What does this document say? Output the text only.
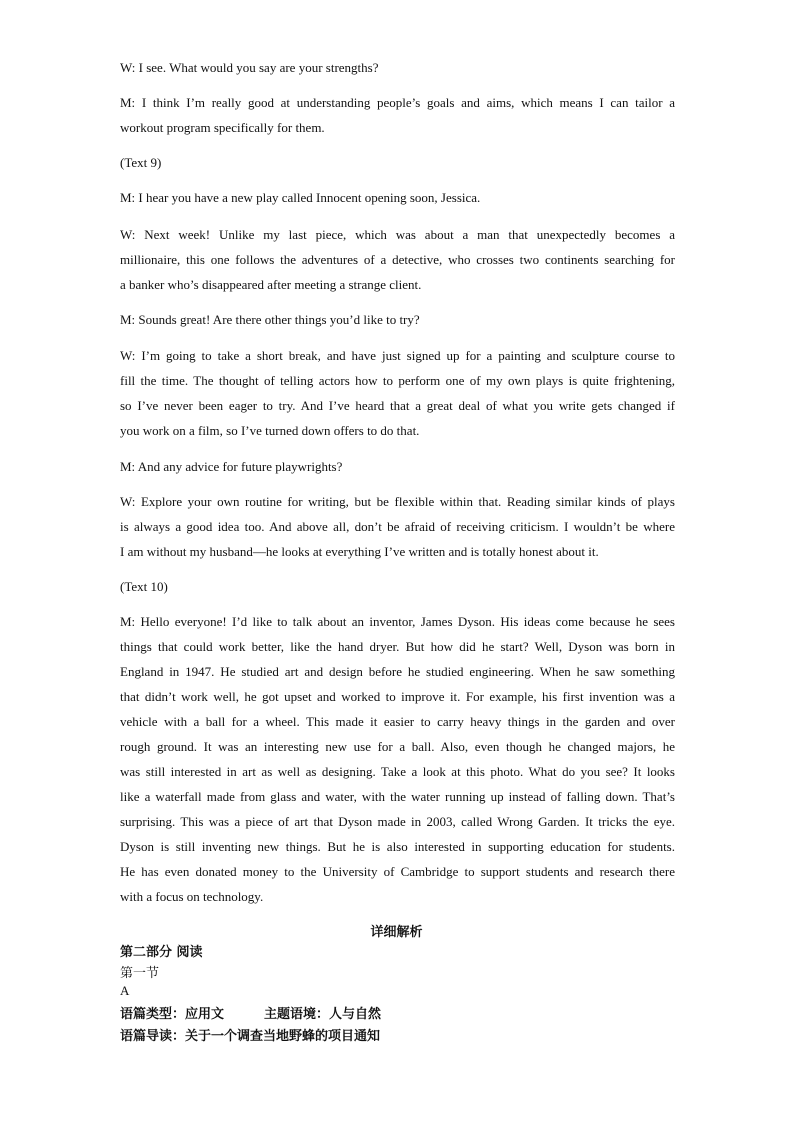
W: I see. What would you say are your strengths?
M: I think I’m really good at understanding people’s goals and aims, which means I can tailor a
workout program specifically for them.
(Text 9)
M: I hear you have a new play called Innocent opening soon, Jessica.
W: Next week! Unlike my last piece, which was about a man that unexpectedly becomes a
millionaire, this one follows the adventures of a detective, who crosses two continents searching for
a banker who’s disappeared after meeting a strange client.
M: Sounds great! Are there other things you’d like to try?
W: I’m going to take a short break, and have just signed up for a painting and sculpture course to
fill the time. The thought of telling actors how to perform one of my own plays is quite frightening,
so I’ve never been eager to try. And I’ve heard that a great deal of what you write gets changed if
you work on a film, so I’ve turned down offers to do that.
M: And any advice for future playwrights?
W: Explore your own routine for writing, but be flexible within that. Reading similar kinds of plays
is always a good idea too. And above all, don’t be afraid of receiving criticism. I wouldn’t be where
I am without my husband—he looks at everything I’ve written and is totally honest about it.
(Text 10)
M: Hello everyone! I’d like to talk about an inventor, James Dyson. His ideas come because he sees
things that could work better, like the hand dryer. But how did he start? Well, Dyson was born in
England in 1947. He studied art and design before he studied engineering. When he saw something
that didn’t work well, he got upset and worked to improve it. For example, his first invention was a
vehicle with a ball for a wheel. This made it easier to carry heavy things in the garden and over
rough ground. It was an interesting new use for a ball. Also, even though he changed majors, he
was still interested in art as well as designing. Take a look at this photo. What do you see? It looks
like a waterfall made from glass and water, with the water running up instead of falling down. That’s
surprising. This was a piece of art that Dyson made in 2003, called Wrong Garden. It tricks the eye.
Dyson is still inventing new things. But he is also interested in supporting education for students.
He has even donated money to the University of Cambridge to support students and research there
with a focus on technology.
详细解析
第二部分 阅读
第一节
A
语篇类型：应用文	主题语境：人与自然
语篇导读：关于一个调查当地野蜂的项目通知
